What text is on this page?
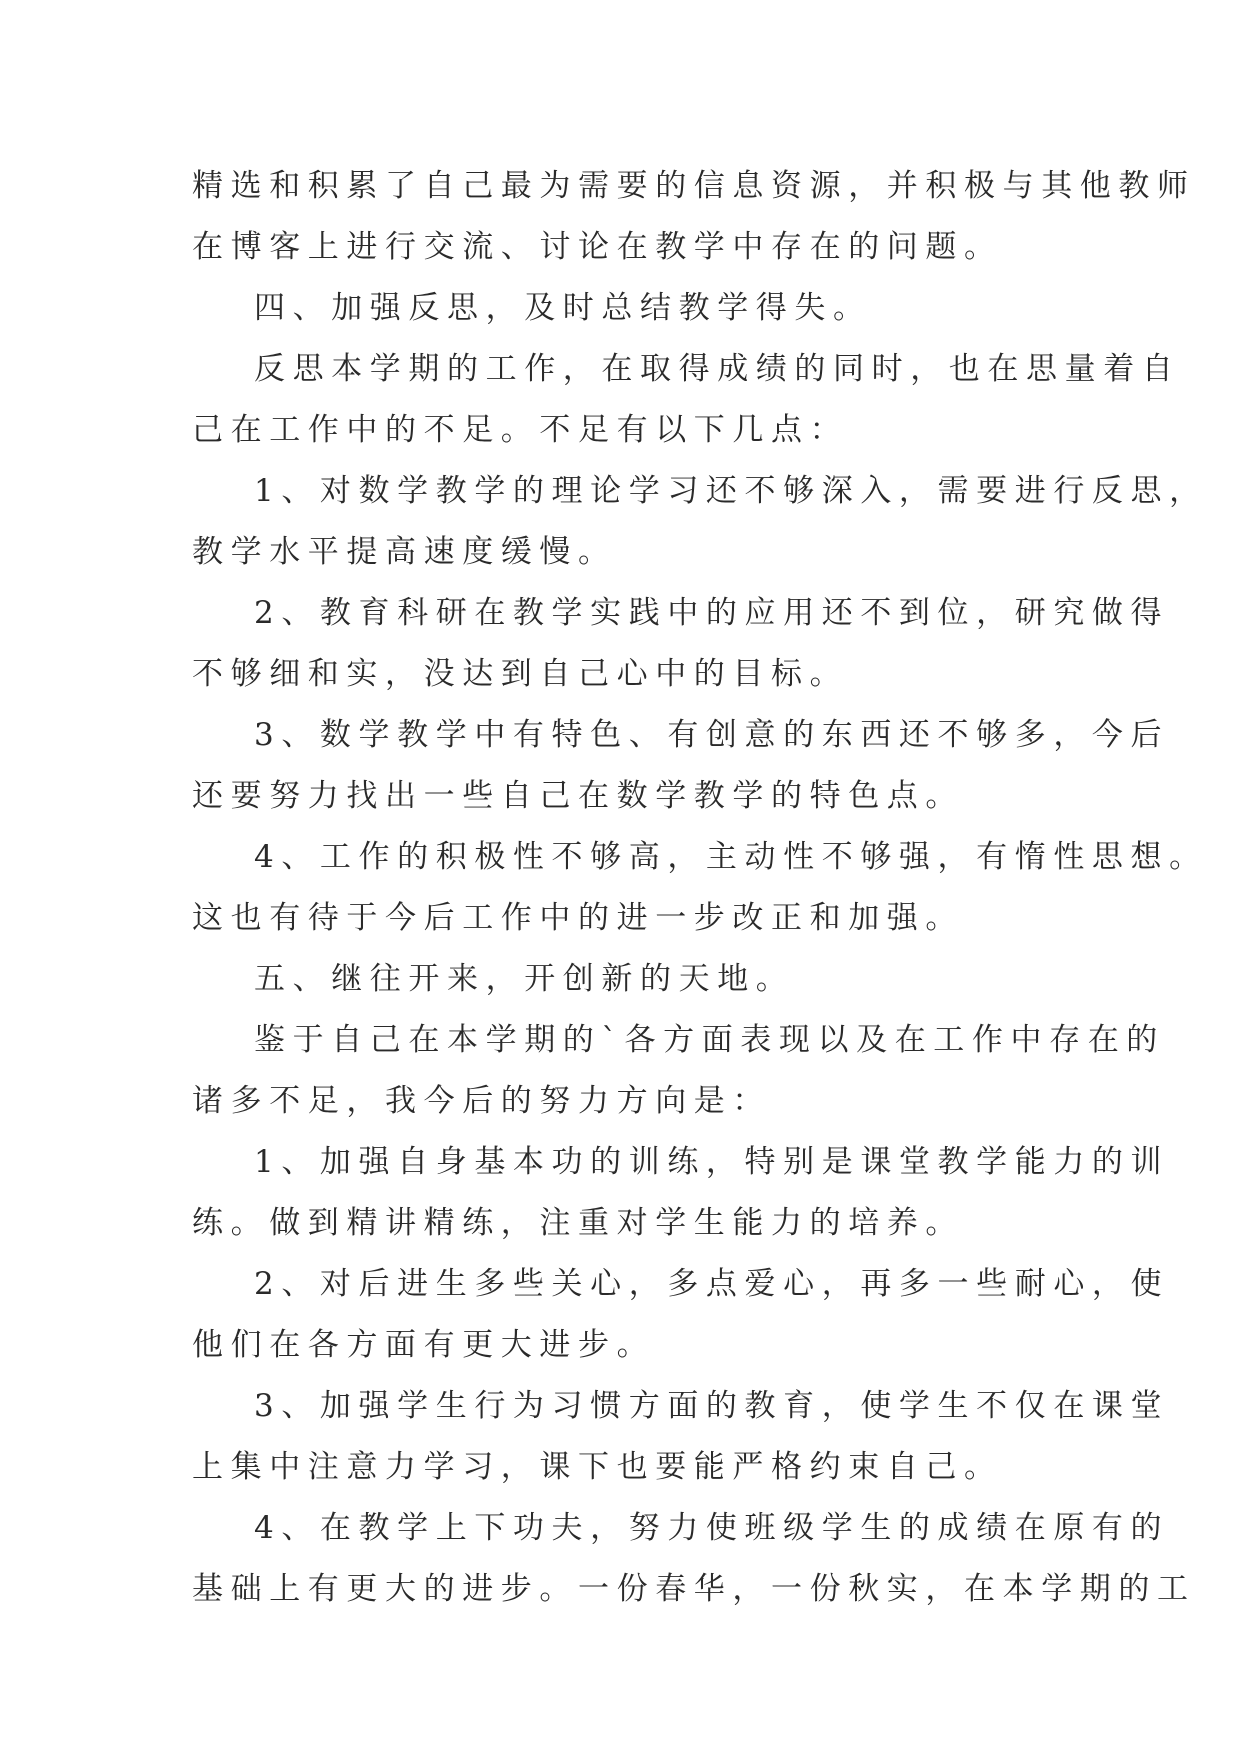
精选和积累了自己最为需要的信息资源，并积极与其他教师
在博客上进行交流、讨论在教学中存在的问题。
四、加强反思，及时总结教学得失。
反思本学期的工作，在取得成绩的同时，也在思量着自
己在工作中的不足。不足有以下几点：
1、对数学教学的理论学习还不够深入，需要进行反思，
教学水平提高速度缓慢。
2、教育科研在教学实践中的应用还不到位，研究做得
不够细和实，没达到自己心中的目标。
3、数学教学中有特色、有创意的东西还不够多，今后
还要努力找出一些自己在数学教学的特色点。
4、工作的积极性不够高，主动性不够强，有惰性思想。
这也有待于今后工作中的进一步改正和加强。
五、继往开来，开创新的天地。
鉴于自己在本学期的`各方面表现以及在工作中存在的
诸多不足，我今后的努力方向是：
1、加强自身基本功的训练，特别是课堂教学能力的训
练。做到精讲精练，注重对学生能力的培养。
2、对后进生多些关心，多点爱心，再多一些耐心，使
他们在各方面有更大进步。
3、加强学生行为习惯方面的教育，使学生不仅在课堂
上集中注意力学习，课下也要能严格约束自己。
4、在教学上下功夫，努力使班级学生的成绩在原有的
基础上有更大的进步。一份春华，一份秋实，在本学期的工
